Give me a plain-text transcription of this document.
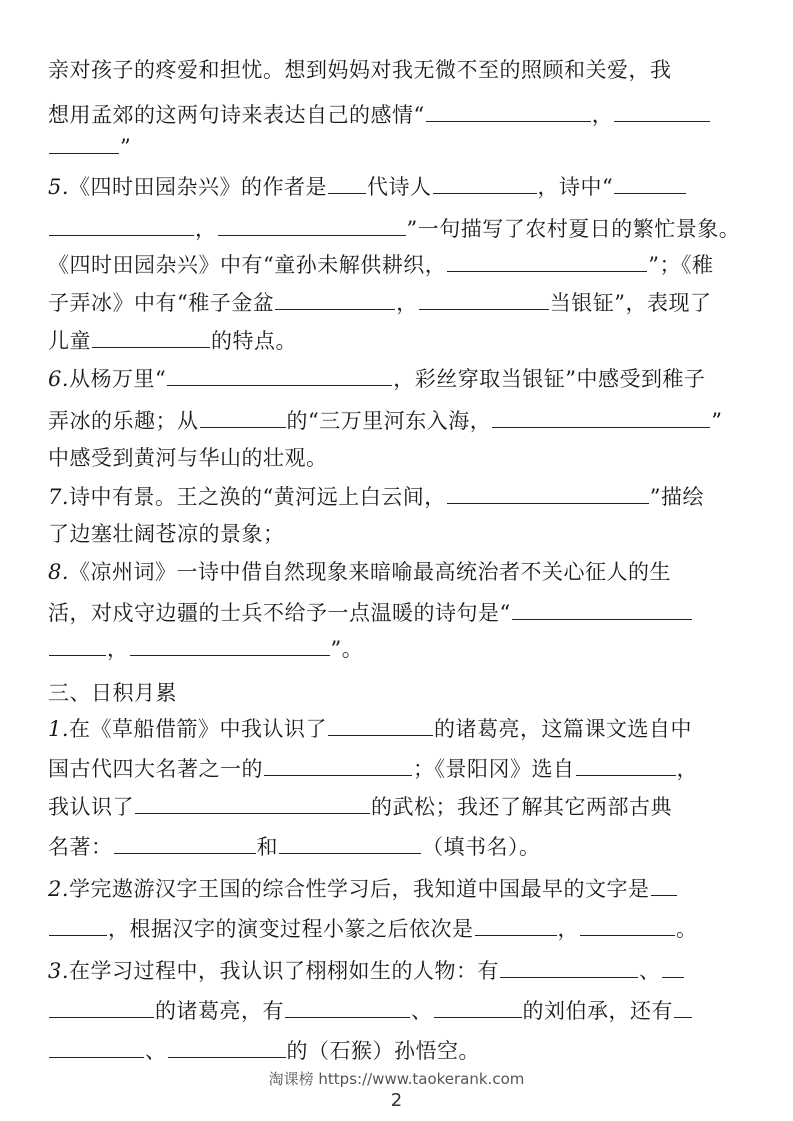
亲对孩子的疼爱和担忧。想到妈妈对我无微不至的照顾和关爱，我
想用孟郊的这两句诗来表达自己的感情“	，
”
5.《四时田园杂兴》的作者是 代诗人	，诗中“
，	”一句描写了农村夏日的繁忙景象。
《四时田园杂兴》中有“童孙未解供耕织，	”；《稚
子弄冰》中有“稚子金盆	，	当银钲”，表现了
儿童	的特点。
6.从杨万里“	，彩丝穿取当银钲”中感受到稚子
弄冰的乐趣；从	的“三万里河东入海，	”
中感受到黄河与华山的壮观。
7.诗中有景。王之涣的“黄河远上白云间，	”描绘
了边塞壮阔苍凉的景象；
8.《凉州词》一诗中借自然现象来暗喻最高统治者不关心征人的生
活，对戍守边疆的士兵不给予一点温暖的诗句是“
，	”。
三、日积月累
1.在《草船借箭》中我认识了	的诸葛亮，这篇课文选自中
国古代四大名著之一的	；《景阳冈》选自	，
我认识了	的武松；我还了解其它两部古典
名著：	和	（填书名）。
2.学完遨游汉字王国的综合性学习后，我知道中国最早的文字是
，根据汉字的演变过程小篆之后依次是	，	。
3.在学习过程中，我认识了栩栩如生的人物：有	、
的诸葛亮，有	、	的刘伯承，还有
、	的（石猴）孙悟空。
淘课榜 https://www.taokerank.com
2
